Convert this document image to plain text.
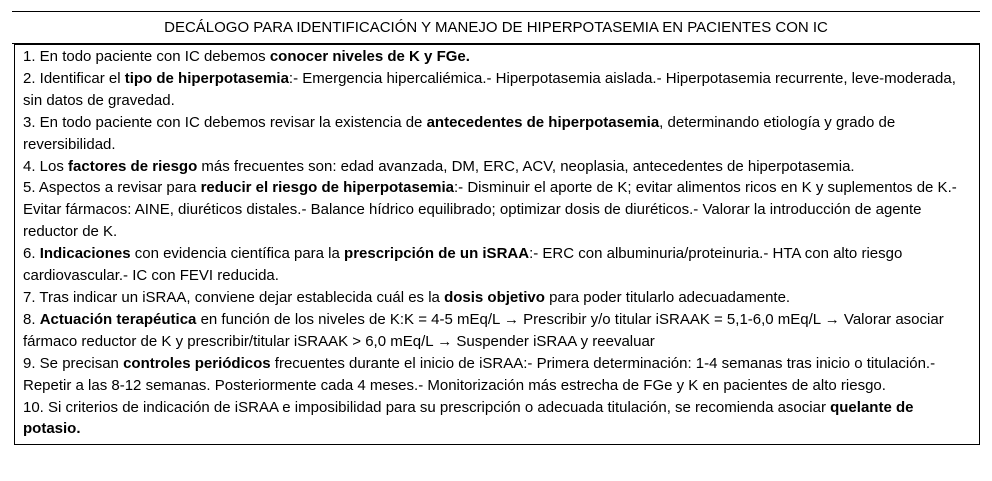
DECÁLOGO PARA IDENTIFICACIÓN Y MANEJO DE HIPERPOTASEMIA EN PACIENTES CON IC
1. En todo paciente con IC debemos conocer niveles de K y FGe.
2. Identificar el tipo de hiperpotasemia:- Emergencia hipercaliémica.- Hiperpotasemia aislada.- Hiperpotasemia recurrente, leve-moderada, sin datos de gravedad.
3. En todo paciente con IC debemos revisar la existencia de antecedentes de hiperpotasemia, determinando etiología y grado de reversibilidad.
4. Los factores de riesgo más frecuentes son: edad avanzada, DM, ERC, ACV, neoplasia, antecedentes de hiperpotasemia.
5. Aspectos a revisar para reducir el riesgo de hiperpotasemia:- Disminuir el aporte de K; evitar alimentos ricos en K y suplementos de K.- Evitar fármacos: AINE, diuréticos distales.- Balance hídrico equilibrado; optimizar dosis de diuréticos.- Valorar la introducción de agente reductor de K.
6. Indicaciones con evidencia científica para la prescripción de un iSRAA:- ERC con albuminuria/proteinuria.- HTA con alto riesgo cardiovascular.- IC con FEVI reducida.
7. Tras indicar un iSRAA, conviene dejar establecida cuál es la dosis objetivo para poder titularlo adecuadamente.
8. Actuación terapéutica en función de los niveles de K:K = 4-5 mEq/L → Prescribir y/o titular iSRAAK = 5,1-6,0 mEq/L → Valorar asociar fármaco reductor de K y prescribir/titular iSRAAK > 6,0 mEq/L → Suspender iSRAA y reevaluar
9. Se precisan controles periódicos frecuentes durante el inicio de iSRAA:- Primera determinación: 1-4 semanas tras inicio o titulación.- Repetir a las 8-12 semanas. Posteriormente cada 4 meses.- Monitorización más estrecha de FGe y K en pacientes de alto riesgo.
10. Si criterios de indicación de iSRAA e imposibilidad para su prescripción o adecuada titulación, se recomienda asociar quelante de potasio.
